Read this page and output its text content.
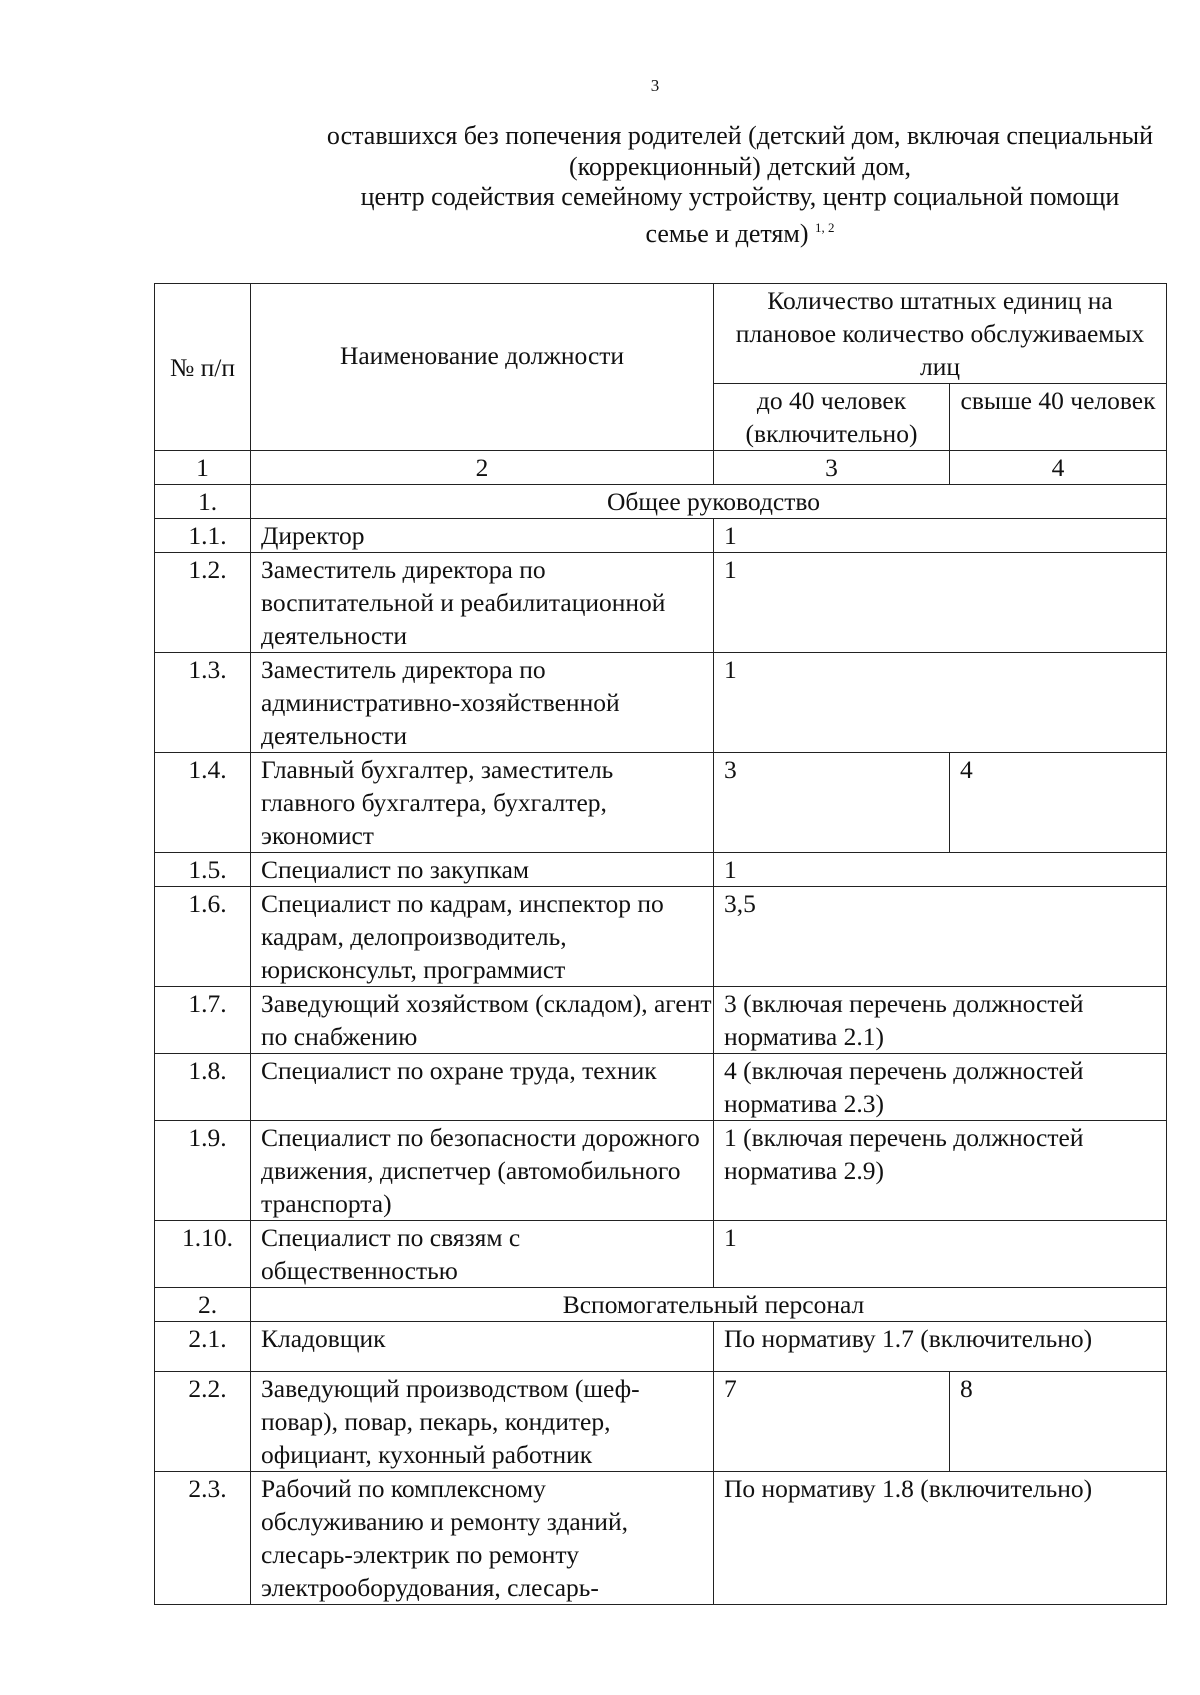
3
оставшихся без попечения родителей (детский дом, включая специальный
(коррекционный) детский дом,
центр содействия семейному устройству, центр социальной помощи
семье и детям) $^{1, 2}$
№ п/п	Наименование должности	Количество штатных единиц на плановое количество обслуживаемых лиц	
		до 40 человек (включительно)	свыше 40 человек
1	2	3	4
1.	Общее руководство		
1.1.	Директор	1	
1.2.	Заместитель директора по воспитательной и реабилитационной деятельности	1	
1.3.	Заместитель директора по административно-хозяйственной деятельности	1	
1.4.	Главный бухгалтер, заместитель главного бухгалтера, бухгалтер, экономист	3	4
1.5.	Специалист по закупкам	1	
1.6.	Специалист по кадрам, инспектор по кадрам, делопроизводитель, юрисконсульт, программист	3,5	
1.7.	Заведующий хозяйством (складом), агент по снабжению	3 (включая перечень должностей норматива 2.1)	
1.8.	Специалист по охране труда, техник	4 (включая перечень должностей норматива 2.3)	
1.9.	Специалист по безопасности дорожного движения, диспетчер (автомобильного транспорта)	1 (включая перечень должностей норматива 2.9)	
1.10.	Специалист по связям с общественностью	1	
2.	Вспомогательный персонал		
2.1.	Кладовщик	По нормативу 1.7 (включительно)	
2.2.	Заведующий производством (шеф-повар), повар, пекарь, кондитер, официант, кухонный работник	7	8
2.3.	Рабочий по комплексному обслуживанию и ремонту зданий, слесарь-электрик по ремонту электрооборудования, слесарь-	По нормативу 1.8 (включительно)	
